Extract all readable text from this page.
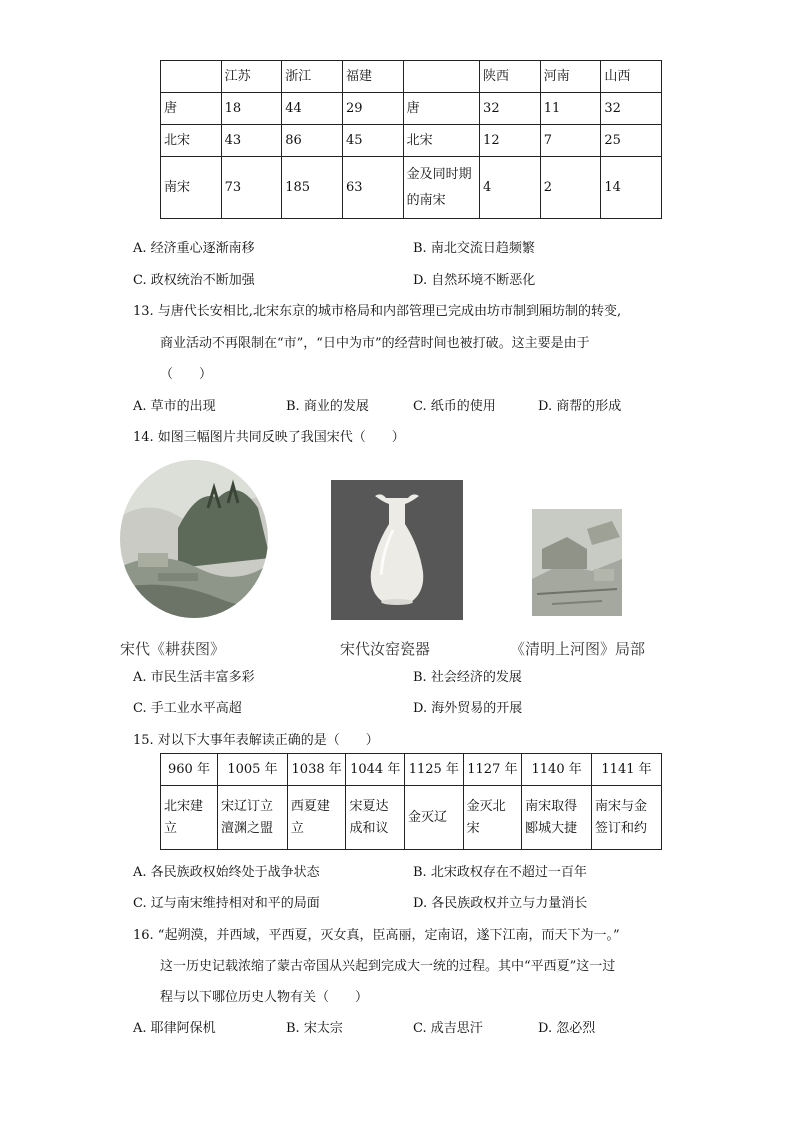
	江苏	浙江	福建		陕西	河南	山西
唐	18	44	29	唐	32	11	32
北宋	43	86	45	北宋	12	7	25
南宋	73	185	63	金及同时期的南宋	4	2	14
A. 经济重心逐渐南移	B. 南北交流日趋频繁
C. 政权统治不断加强	D. 自然环境不断恶化
13. 与唐代长安相比,北宋东京的城市格局和内部管理已完成由坊市制到厢坊制的转变,
商业活动不再限制在“市”，“日中为市”的经营时间也被打破。这主要是由于
（　　）
A. 草市的出现	B. 商业的发展	C. 纸币的使用	D. 商帮的形成
14. 如图三幅图片共同反映了我国宋代（　　）
宋代《耕获图》	宋代汝窑瓷器	《清明上河图》局部
A. 市民生活丰富多彩	B. 社会经济的发展
C. 手工业水平高超	D. 海外贸易的开展
15. 对以下大事年表解读正确的是（　　）
960 年	1005 年	1038 年	1044 年	1125 年	1127 年	1140 年	1141 年
北宋建立	宋辽订立澶渊之盟	西夏建立	宋夏达成和议	金灭辽	金灭北宋	南宋取得郾城大捷	南宋与金签订和约
A. 各民族政权始终处于战争状态	B. 北宋政权存在不超过一百年
C. 辽与南宋维持相对和平的局面	D. 各民族政权并立与力量消长
16. “起朔漠，并西域，平西夏，灭女真，臣高丽，定南诏，遂下江南，而天下为一。”
这一历史记载浓缩了蒙古帝国从兴起到完成大一统的过程。其中“平西夏”这一过
程与以下哪位历史人物有关（　　）
A. 耶律阿保机	B. 宋太宗	C. 成吉思汗	D. 忽必烈
